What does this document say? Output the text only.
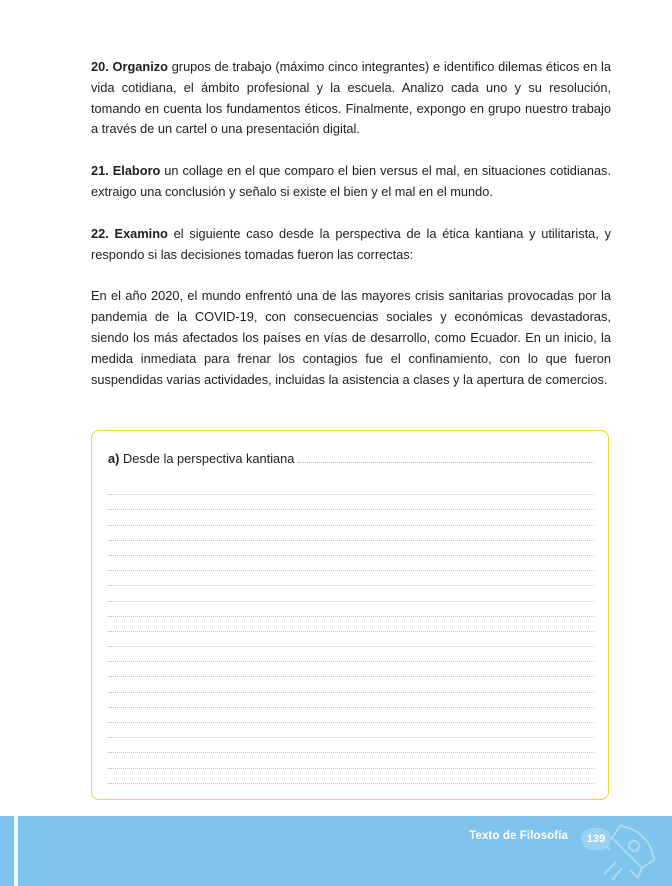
20. Organizo grupos de trabajo (máximo cinco integrantes) e identifico dilemas éticos en la vida cotidiana, el ámbito profesional y la escuela. Analizo cada uno y su resolución, tomando en cuenta los fundamentos éticos. Finalmente, expongo en grupo nuestro trabajo a través de un cartel o una presentación digital.

21. Elaboro un collage en el que comparo el bien versus el mal, en situaciones cotidianas. extraigo una conclusión y señalo si existe el bien y el mal en el mundo.

22. Examino el siguiente caso desde la perspectiva de la ética kantiana y utilitarista, y respondo si las decisiones tomadas fueron las correctas:

En el año 2020, el mundo enfrentó una de las mayores crisis sanitarias provocadas por la pandemia de la COVID-19, con consecuencias sociales y económicas devastadoras, siendo los más afectados los países en vías de desarrollo, como Ecuador. En un inicio, la medida inmediata para frenar los contagios fue el confinamiento, con lo que fueron suspendidas varias actividades, incluidas la asistencia a clases y la apertura de comercios.

a) Desde la perspectiva kantiana
Texto de Filosofía	139
